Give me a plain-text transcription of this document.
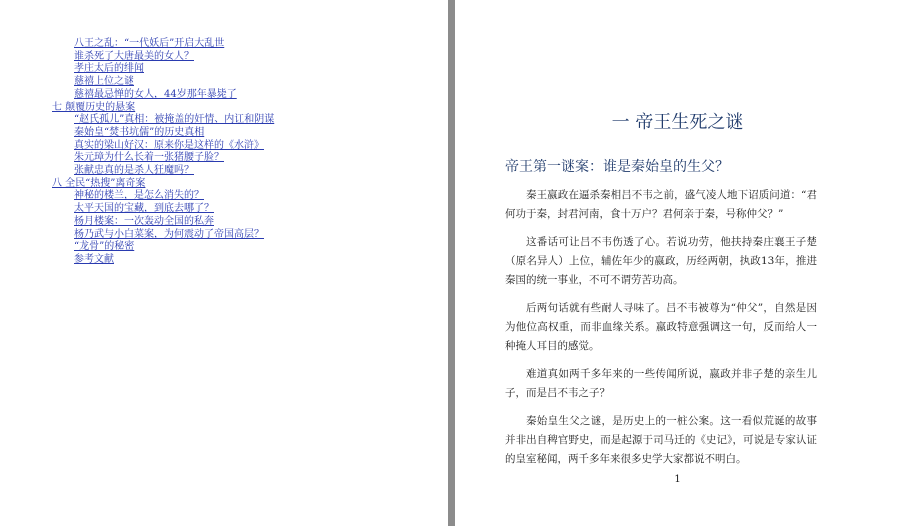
八王之乱：“一代妖后”开启大乱世
谁杀死了大唐最美的女人？
孝庄太后的绯闻
慈禧上位之谜
慈禧最忌惮的女人，44岁那年暴毙了
七 颠覆历史的悬案
“赵氏孤儿”真相：被掩盖的奸情、内讧和阴谋
秦始皇“焚书坑儒”的历史真相
真实的梁山好汉：原来你是这样的《水浒》
朱元璋为什么长着一张猪腰子脸？
张献忠真的是杀人狂魔吗？
八 全民“热搜”离奇案
神秘的楼兰，是怎么消失的？
太平天国的宝藏，到底去哪了？
杨月楼案：一次轰动全国的私奔
杨乃武与小白菜案，为何震动了帝国高层？
“龙骨”的秘密
参考文献
一 帝王生死之谜
帝王第一谜案：谁是秦始皇的生父？

秦王嬴政在逼杀秦相吕不韦之前，盛气凌人地下诏质问道：“君何功于秦，封君河南，食十万户？君何亲于秦，号称仲父？”

这番话可让吕不韦伤透了心。若说功劳，他扶持秦庄襄王子楚（原名异人）上位，辅佐年少的嬴政，历经两朝，执政13年，推进秦国的统一事业，不可不谓劳苦功高。

后两句话就有些耐人寻味了。吕不韦被尊为“仲父”，自然是因为他位高权重，而非血缘关系。嬴政特意强调这一句，反而给人一种掩人耳目的感觉。

难道真如两千多年来的一些传闻所说，嬴政并非子楚的亲生儿子，而是吕不韦之子？

秦始皇生父之谜，是历史上的一桩公案。这一看似荒诞的故事并非出自稗官野史，而是起源于司马迁的《史记》，可说是专家认证的皇室秘闻，两千多年来很多史学大家都说不明白。

1
